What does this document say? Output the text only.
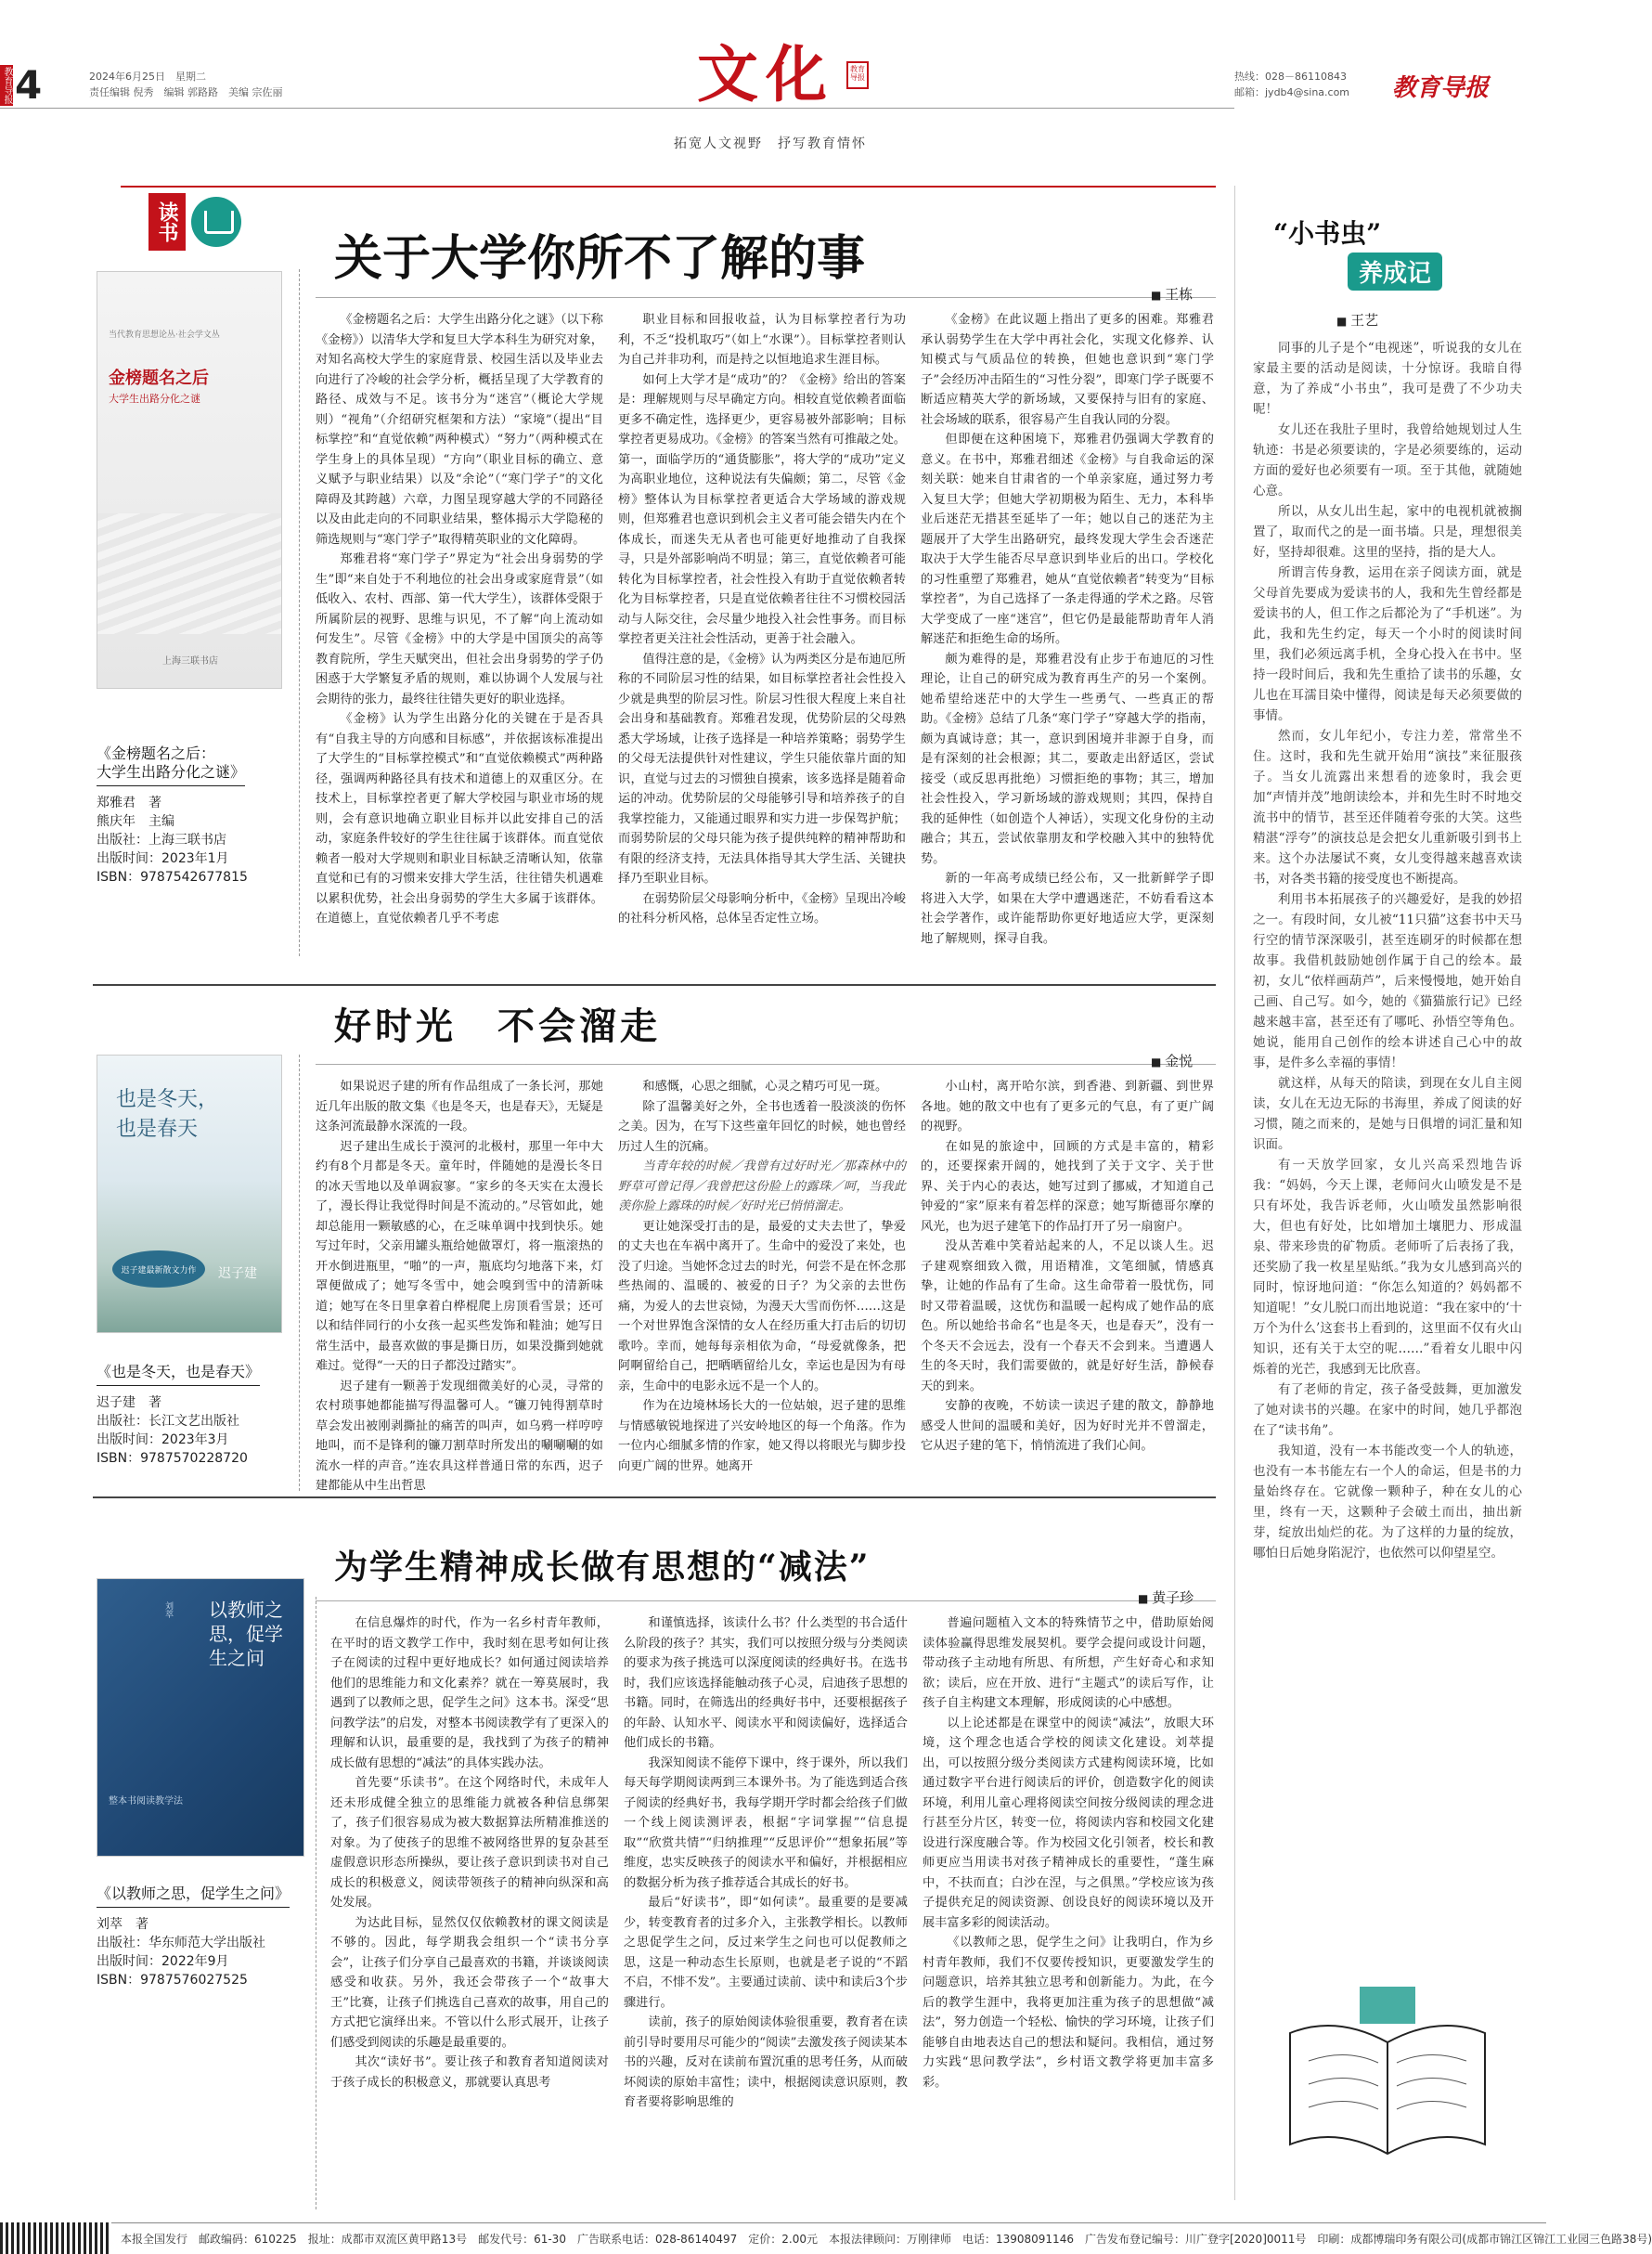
教育导报 4	2024年6月25日　星期二
责任编辑 倪秀　编辑 郭路路　美编 宗佐丽	文化	教育导报
拓宽人文视野　抒写教育情怀
热线：028－86110843
邮箱：jydb4@sina.com 教育导报
读书
关于大学你所不了解的事
■ 王栋
当代教育思想论丛·社会学文丛
金榜题名之后
大学生出路分化之谜
上海三联书店
《金榜题名之后：
大学生出路分化之谜》
郑雅君　著
熊庆年　主编
出版社：上海三联书店
出版时间：2023年1月
ISBN：9787542677815

《金榜题名之后：大学生出路分化之谜》（以下称《金榜》）以清华大学和复旦大学本科生为研究对象，对知名高校大学生的家庭背景、校园生活以及毕业去向进行了冷峻的社会学分析，概括呈现了大学教育的路径、成效与不足。该书分为“迷宫”（概论大学规则）“视角”（介绍研究框架和方法）“家境”（提出“目标掌控”和“直觉依赖”两种模式）“努力”（两种模式在学生身上的具体呈现）“方向”（职业目标的确立、意义赋予与职业结果）以及“余论”（“寒门学子”的文化障碍及其跨越）六章，力图呈现穿越大学的不同路径以及由此走向的不同职业结果，整体揭示大学隐秘的筛选规则与“寒门学子”取得精英职业的文化障碍。

郑雅君将“寒门学子”界定为“社会出身弱势的学生”即“来自处于不利地位的社会出身或家庭背景”（如低收入、农村、西部、第一代大学生），该群体受限于所属阶层的视野、思维与识见，不了解“向上流动如何发生”。尽管《金榜》中的大学是中国顶尖的高等教育院所，学生天赋突出，但社会出身弱势的学子仍困惑于大学繁复矛盾的规则，难以协调个人发展与社会期待的张力，最终往往错失更好的职业选择。

《金榜》认为学生出路分化的关键在于是否具有“自我主导的方向感和目标感”，并依据该标准提出了大学生的“目标掌控模式”和“直觉依赖模式”两种路径，强调两种路径具有技术和道德上的双重区分。在技术上，目标掌控者更了解大学校园与职业市场的规则，会有意识地确立职业目标并以此安排自己的活动，家庭条件较好的学生往往属于该群体。而直觉依赖者一般对大学规则和职业目标缺乏清晰认知，依靠直觉和已有的习惯来安排大学生活，往往错失机遇难以累积优势，社会出身弱势的学生大多属于该群体。在道德上，直觉依赖者几乎不考虑

职业目标和回报收益，认为目标掌控者行为功利，不乏“投机取巧”（如上“水课”）。目标掌控者则认为自己并非功利，而是持之以恒地追求生涯目标。

如何上大学才是“成功”的？《金榜》给出的答案是：理解规则与尽早确定方向。相较直觉依赖者面临更多不确定性，选择更少，更容易被外部影响；目标掌控者更易成功。《金榜》的答案当然有可推敲之处。第一，面临学历的“通货膨胀”，将大学的“成功”定义为高职业地位，这种说法有失偏颇；第二，尽管《金榜》整体认为目标掌控者更适合大学场域的游戏规则，但郑雅君也意识到机会主义者可能会错失内在个体成长，而迷失无从者也可能更好地推动了自我探寻，只是外部影响尚不明显；第三，直觉依赖者可能转化为目标掌控者，社会性投入有助于直觉依赖者转化为目标掌控者，只是直觉依赖者往往不习惯校园活动与人际交往，会尽量少地投入社会性事务。而目标掌控者更关注社会性活动，更善于社会融入。

值得注意的是，《金榜》认为两类区分是布迪厄所称的不同阶层习性的结果，如目标掌控者社会性投入少就是典型的阶层习性。阶层习性很大程度上来自社会出身和基础教育。郑雅君发现，优势阶层的父母熟悉大学场域，让孩子选择是一种培养策略；弱势学生的父母无法提供针对性建议，学生只能依靠片面的知识，直觉与过去的习惯独自摸索，该多选择是随着命运的冲动。优势阶层的父母能够引导和培养孩子的自我掌控能力，又能通过眼界和实力进一步保驾护航；而弱势阶层的父母只能为孩子提供纯粹的精神帮助和有限的经济支持，无法具体指导其大学生活、关键抉择乃至职业目标。

在弱势阶层父母影响分析中，《金榜》呈现出冷峻的社科分析风格，总体呈否定性立场。

《金榜》在此议题上指出了更多的困难。郑雅君承认弱势学生在大学中再社会化，实现文化修养、认知模式与气质品位的转换，但她也意识到“寒门学子”会经历冲击陌生的“习性分裂”，即寒门学子既要不断适应精英大学的新场域，又要保持与旧有的家庭、社会场域的联系，很容易产生自我认同的分裂。

但即便在这种困境下，郑雅君仍强调大学教育的意义。在书中，郑雅君细述《金榜》与自我命运的深刻关联：她来自甘肃省的一个单亲家庭，通过努力考入复旦大学；但她大学初期极为陌生、无力，本科毕业后迷茫无措甚至延毕了一年；她以自己的迷茫为主题展开了大学生出路研究，最终发现大学生会否迷茫取决于大学生能否尽早意识到毕业后的出口。学校化的习性重塑了郑雅君，她从“直觉依赖者”转变为“目标掌控者”，为自己选择了一条走得通的学术之路。尽管大学变成了一座“迷宫”，但它仍是最能帮助青年人消解迷茫和拒绝生命的场所。

颇为难得的是，郑雅君没有止步于布迪厄的习性理论，让自己的研究成为教育再生产的另一个案例。她希望给迷茫中的大学生一些勇气、一些真正的帮助。《金榜》总结了几条“寒门学子”穿越大学的指南，颇为真诚诗意；其一，意识到困境并非源于自身，而是有深刻的社会根源；其二，要敢走出舒适区，尝试接受（或反思再批绝）习惯拒绝的事物；其三，增加社会性投入，学习新场域的游戏规则；其四，保持自我的延伸性（如创造个人神话），实现文化身份的主动融合；其五，尝试依靠朋友和学校融入其中的独特优势。

新的一年高考成绩已经公布，又一批新鲜学子即将进入大学，如果在大学中遭遇迷茫，不妨看看这本社会学著作，或许能帮助你更好地适应大学，更深刻地了解规则，探寻自我。

好时光　不会溜走
■ 金悦
也是冬天，
也是春天
迟子建最新散文力作	迟子建
《也是冬天，也是春天》
迟子建　著
出版社：长江文艺出版社
出版时间：2023年3月
ISBN：9787570228720

如果说迟子建的所有作品组成了一条长河，那她近几年出版的散文集《也是冬天，也是春天》，无疑是这条河流最静水深流的一段。

迟子建出生成长于漠河的北极村，那里一年中大约有8个月都是冬天。童年时，伴随她的是漫长冬日的冰天雪地以及单调寂寥。“家乡的冬天实在太漫长了，漫长得让我觉得时间是不流动的。”尽管如此，她却总能用一颗敏感的心，在乏味单调中找到快乐。她写过年时，父亲用罐头瓶给她做罩灯，将一瓶滚热的开水倒进瓶里，“啪”的一声，瓶底均匀地落下来，灯罩便做成了；她写冬雪中，她会嗅到雪中的清新味道；她写在冬日里拿着白桦棍爬上房顶看雪景；还可以和结伴同行的小女孩一起买些发饰和鞋油；她写日常生活中，最喜欢做的事是撕日历，如果没撕到她就难过。觉得“一天的日子都没过踏实”。

迟子建有一颗善于发现细微美好的心灵，寻常的农村琐事她都能描写得温馨可人。“镰刀钝得割草时草会发出被刚剥撕扯的痛苦的叫声，如乌鸦一样哼哼地叫，而不是锋利的镰刀割草时所发出的唰唰唰的如流水一样的声音。”连农具这样普通日常的东西，迟子建都能从中生出哲思

和感慨，心思之细腻，心灵之精巧可见一斑。

除了温馨美好之外，全书也透着一股淡淡的伤怀之美。因为，在写下这些童年回忆的时候，她也曾经历过人生的沉痛。

当青年较的时候／我曾有过好时光／那森林中的野草可曾记得／我曾把这份脸上的露珠／呵，当我此羡你脸上露珠的时候／好时光已悄悄溜走。

更让她深受打击的是，最爱的丈夫去世了，挚爱的丈夫也在车祸中离开了。生命中的爱没了来处，也没了归途。当她怀念过去的时光，何尝不是在怀念那些热闹的、温暖的、被爱的日子？为父亲的去世伤痛，为爱人的去世哀恸，为漫天大雪而伤怀……这是一个对世界饱含深情的女人在经历重大打击后的切切歌吟。幸而，她每每亲相依为命，“母爱就像条，把阿啊留给自己，把晒晒留给儿女，幸运也是因为有母亲，生命中的电影永远不是一个人的。

作为在边境林场长大的一位姑娘，迟子建的思维与情感敏锐地探进了兴安岭地区的每一个角落。作为一位内心细腻多情的作家，她又得以将眼光与脚步投向更广阔的世界。她离开

小山村，离开哈尔滨，到香港、到新疆、到世界各地。她的散文中也有了更多元的气息，有了更广阔的视野。

在如晃的旅途中，回顾的方式是丰富的，精彩的，还要探索开阔的，她找到了关于文字、关于世界、关于内心的表达，她写过到了挪威，才知道自己钟爱的“家”原来有着怎样的深意；她写斯德哥尔摩的风光，也为迟子建笔下的作品打开了另一扇窗户。

没从苦难中笑着站起来的人，不足以谈人生。迟子建观察细致入微，用语精准，文笔细腻，情感真挚，让她的作品有了生命。这生命带着一股忧伤，同时又带着温暖，这忧伤和温暖一起构成了她作品的底色。所以她给书命名“也是冬天，也是春天”，没有一个冬天不会远去，没有一个春天不会到来。当遭遇人生的冬天时，我们需要做的，就是好好生活，静候春天的到来。

安静的夜晚，不妨读一读迟子建的散文，静静地感受人世间的温暖和美好，因为好时光并不曾溜走，它从迟子建的笔下，悄悄流进了我们心间。

为学生精神成长做有思想的“减法”
■ 黄子珍
以教师之思，促学生之问
刘萃
整本书阅读教学法
《以教师之思，促学生之问》
刘萃　著
出版社：华东师范大学出版社
出版时间：2022年9月
ISBN：9787576027525

在信息爆炸的时代，作为一名乡村青年教师，在平时的语文教学工作中，我时刻在思考如何让孩子在阅读的过程中更好地成长？如何通过阅读培养他们的思维能力和文化素养？就在一筹莫展时，我遇到了以教师之思，促学生之问》这本书。深受“思问教学法”的启发，对整本书阅读教学有了更深入的理解和认识，最重要的是，我找到了为孩子的精神成长做有思想的“减法”的具体实践办法。

首先要“乐读书”。在这个网络时代，未成年人还未形成健全独立的思维能力就被各种信息绑架了，孩子们很容易成为被大数据算法所精准推送的对象。为了使孩子的思维不被网络世界的复杂甚至虚假意识形态所操纵，要让孩子意识到读书对自己成长的积极意义，阅读带领孩子的精神向纵深和高处发展。

为达此目标，显然仅仅依赖教材的课文阅读是不够的。因此，每学期我会组织一个“读书分享会”，让孩子们分享自己最喜欢的书籍，并谈谈阅读感受和收获。另外，我还会带孩子一个“故事大王”比赛，让孩子们挑选自己喜欢的故事，用自己的方式把它演绎出来。不管以什么形式展开，让孩子们感受到阅读的乐趣是最重要的。

其次“读好书”。要让孩子和教育者知道阅读对于孩子成长的积极意义，那就要认真思考

和谨慎选择，该读什么书？什么类型的书合适什么阶段的孩子？其实，我们可以按照分级与分类阅读的要求为孩子挑选可以深度阅读的经典好书。在选书时，我们应该选择能触动孩子心灵，启迪孩子思想的书籍。同时，在筛选出的经典好书中，还要根据孩子的年龄、认知水平、阅读水平和阅读偏好，选择适合他们成长的书籍。

我深知阅读不能停下课中，终于课外，所以我们每天每学期阅读两到三本课外书。为了能选到适合孩子阅读的经典好书，我每学期开学时都会给孩子们做一个线上阅读测评表，根据“字词掌握”“信息提取”“欣赏共情”“归纳推理”“反思评价”“想象拓展”等维度，忠实反映孩子的阅读水平和偏好，并根据相应的数据分析为孩子推荐适合其成长的好书。

最后“好读书”，即“如何读”。最重要的是要减少，转变教育者的过多介入，主张教学相长。以教师之思促学生之问，反过来学生之问也可以促教师之思，这是一种动态生长原则，也就是老子说的“不蹈不启，不悱不发”。主要通过读前、读中和读后3个步骤进行。

读前，孩子的原始阅读体验很重要，教育者在读前引导时要用尽可能少的“阅读”去激发孩子阅读某本书的兴趣，反对在读前布置沉重的思考任务，从而破坏阅读的原始丰富性；读中，根据阅读意识原则，教育者要将影响思维的

普遍问题植入文本的特殊情节之中，借助原始阅读体验赢得思维发展契机。要学会提问或设计问题，带动孩子主动地有所思、有所想，产生好奇心和求知欲；读后，应在开放、进行“主题式”的读后写作，让孩子自主构建文本理解，形成阅读的心中感想。

以上论述都是在课堂中的阅读“减法”，放眼大环境，这个理念也适合学校的阅读文化建设。刘萃提出，可以按照分级分类阅读方式建构阅读环境，比如通过数字平台进行阅读后的评价，创造数字化的阅读环境，利用儿童心理将阅读空间按分级阅读的理念进行甚至分片区，转变一位，将阅读内容和校园文化建设进行深度融合等。作为校园文化引领者，校长和教师更应当用读书对孩子精神成长的重要性，“蓬生麻中，不扶而直；白沙在涅，与之俱黑。”学校应该为孩子提供充足的阅读资源、创设良好的阅读环境以及开展丰富多彩的阅读活动。

《以教师之思，促学生之问》让我明白，作为乡村青年教师，我们不仅要传授知识，更要激发学生的问题意识，培养其独立思考和创新能力。为此，在今后的教学生涯中，我将更加注重为孩子的思想做“减法”，努力创造一个轻松、愉快的学习环境，让孩子们能够自由地表达自己的想法和疑问。我相信，通过努力实践“思问教学法”，乡村语文教学将更加丰富多彩。

“小书虫”
养成记
■ 王艺

同事的儿子是个“电视迷”，听说我的女儿在家最主要的活动是阅读，十分惊讶。我暗自得意，为了养成“小书虫”，我可是费了不少功夫呢！

女儿还在我肚子里时，我曾给她规划过人生轨迹：书是必须要读的，字是必须要练的，运动方面的爱好也必须要有一项。至于其他，就随她心意。

所以，从女儿出生起，家中的电视机就被搁置了，取而代之的是一面书墙。只是，理想很美好，坚持却很难。这里的坚持，指的是大人。

所谓言传身教，运用在亲子阅读方面，就是父母首先要成为爱读书的人，我和先生曾经都是爱读书的人，但工作之后都沦为了“手机迷”。为此，我和先生约定，每天一个小时的阅读时间里，我们必须远离手机，全身心投入在书中。坚持一段时间后，我和先生重拾了读书的乐趣，女儿也在耳濡目染中懂得，阅读是每天必须要做的事情。

然而，女儿年纪小，专注力差，常常坐不住。这时，我和先生就开始用“演技”来征服孩子。当女儿流露出来想看的迹象时，我会更加“声情并茂”地朗读绘本，并和先生时不时地交流书中的情节，甚至还伴随着夸张的大笑。这些精湛“浮夸”的演技总是会把女儿重新吸引到书上来。这个办法屡试不爽，女儿变得越来越喜欢读书，对各类书籍的接受度也不断提高。

利用书本拓展孩子的兴趣爱好，是我的妙招之一。有段时间，女儿被“11只猫”这套书中天马行空的情节深深吸引，甚至连刷牙的时候都在想故事。我借机鼓励她创作属于自己的绘本。最初，女儿“依样画葫芦”，后来慢慢地，她开始自己画、自己写。如今，她的《猫猫旅行记》已经越来越丰富，甚至还有了哪吒、孙悟空等角色。她说，能用自己创作的绘本讲述自己心中的故事，是件多么幸福的事情！

就这样，从每天的陪读，到现在女儿自主阅读，女儿在无边无际的书海里，养成了阅读的好习惯，随之而来的，是她与日俱增的词汇量和知识面。

有一天放学回家，女儿兴高采烈地告诉我：“妈妈，今天上课，老师问火山喷发是不是只有坏处，我告诉老师，火山喷发虽然影响很大，但也有好处，比如增加土壤肥力、形成温泉、带来珍贵的矿物质。老师听了后表扬了我，还奖励了我一枚星星贴纸。”我为女儿感到高兴的同时，惊讶地问道：“你怎么知道的？妈妈都不知道呢！”女儿脱口而出地说道：“我在家中的‘十万个为什么’这套书上看到的，这里面不仅有火山知识，还有关于太空的呢……”看着女儿眼中闪烁着的光芒，我感到无比欣喜。

有了老师的肯定，孩子备受鼓舞，更加激发了她对读书的兴趣。在家中的时间，她几乎都泡在了“读书角”。

我知道，没有一本书能改变一个人的轨迹，也没有一本书能左右一个人的命运，但是书的力量始终存在。它就像一颗种子，种在女儿的心里，终有一天，这颗种子会破土而出，抽出新芽，绽放出灿烂的花。为了这样的力量的绽放，哪怕日后她身陷泥泞，也依然可以仰望星空。

本报全国发行　邮政编码：610225　报址：成都市双流区黄甲路13号　邮发代号：61-30　广告联系电话：028-86140497　定价：2.00元　本报法律顾问：万刚律师　电话：13908091146　广告发布登记编号：川广登字[2020]0011号　印刷：成都博瑞印务有限公司(成都市锦江区锦江工业园三色路38号)
